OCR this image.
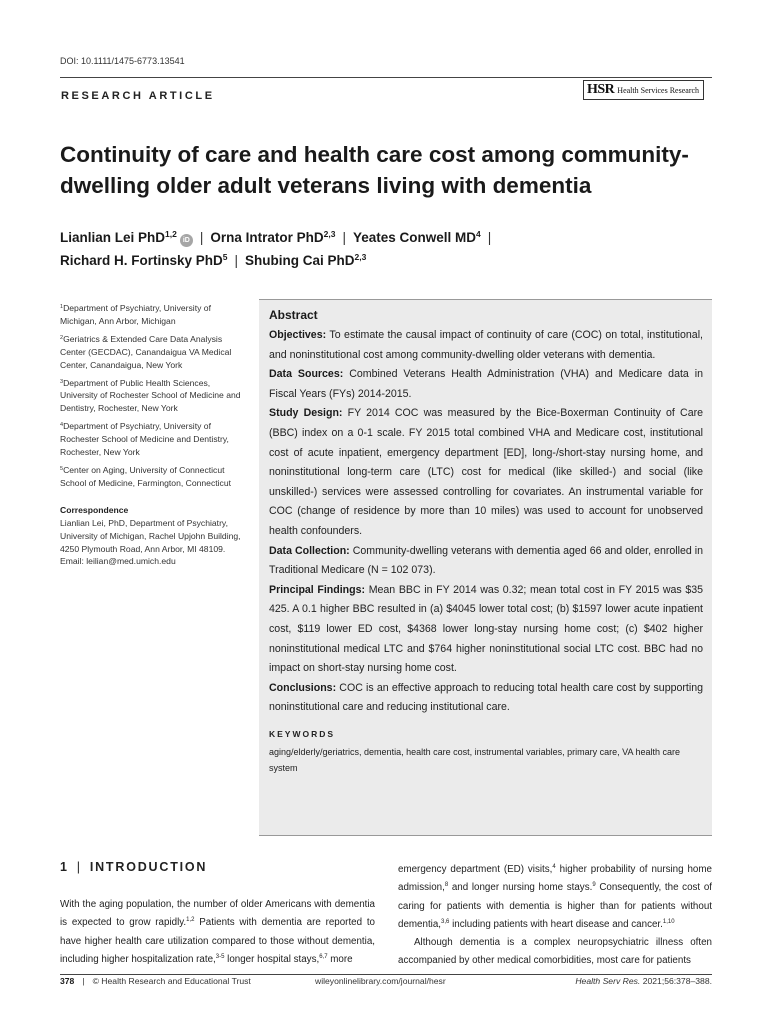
DOI: 10.1111/1475-6773.13541
RESEARCH ARTICLE	HSR Health Services Research
Continuity of care and health care cost among community-dwelling older adult veterans living with dementia
Lianlian Lei PhD$^{1,2}$iD | Orna Intrator PhD$^{2,3}$ | Yeates Conwell $MD^4$ |
Richard H. Fortinsky PhD$^5$ | Shubing Cai PhD$^{2,3}$
$^1$Department of Psychiatry, University of Michigan, Ann Arbor, Michigan
$^2$Geriatrics & Extended Care Data Analysis Center (GECDAC), Canandaigua VA Medical Center, Canandaigua, New York
$^3$Department of Public Health Sciences, University of Rochester School of Medicine and Dentistry, Rochester, New York
$^4$Department of Psychiatry, University of Rochester School of Medicine and Dentistry, Rochester, New York
$^5$Center on Aging, University of Connecticut School of Medicine, Farmington, Connecticut
Correspondence

Lianlian Lei, PhD, Department of Psychiatry, University of Michigan, Rachel Upjohn Building, 4250 Plymouth Road, Ann Arbor, MI 48109.

Email: leilian@med.umich.edu

Abstract
Objectives: To estimate the causal impact of continuity of care (COC) on total, institutional, and noninstitutional cost among community-dwelling older veterans with dementia.
Data Sources: Combined Veterans Health Administration (VHA) and Medicare data in Fiscal Years (FYs) 2014-2015.
Study Design: FY 2014 COC was measured by the Bice-Boxerman Continuity of Care (BBC) index on a 0-1 scale. FY 2015 total combined VHA and Medicare cost, institutional cost of acute inpatient, emergency department [ED], long-/short-stay nursing home, and noninstitutional long-term care (LTC) cost for medical (like skilled-) and social (like unskilled-) services were assessed controlling for covariates. An instrumental variable for COC (change of residence by more than 10 miles) was used to account for unobserved health confounders.
Data Collection: Community-dwelling veterans with dementia aged 66 and older, enrolled in Traditional Medicare (N = 102 073).
Principal Findings: Mean BBC in FY 2014 was 0.32; mean total cost in FY 2015 was $35 425. A 0.1 higher BBC resulted in (a) $4045 lower total cost; (b) $1597 lower acute inpatient cost, $119 lower ED cost, $4368 lower long-stay nursing home cost; (c) $402 higher noninstitutional medical LTC and $764 higher noninstitutional social LTC cost. BBC had no impact on short-stay nursing home cost.
Conclusions: COC is an effective approach to reducing total health care cost by supporting noninstitutional care and reducing institutional care.
KEYWORDS
aging/elderly/geriatrics, dementia, health care cost, instrumental variables, primary care, VA health care system
1 | INTRODUCTION
With the aging population, the number of older Americans with dementia is expected to grow rapidly.$^{1,2}$ Patients with dementia are reported to have higher health care utilization compared to those without dementia, including higher hospitalization rate,$^{3-5}$ longer hospital stays,$^{6,7}$ more
emergency department (ED) visits,$^4$ higher probability of nursing home admission,$^8$ and longer nursing home stays.$^9$ Consequently, the cost of caring for patients with dementia is higher than for patients without dementia,$^{3,6}$ including patients with heart disease and cancer.$^{1,10}$
Although dementia is a complex neuropsychiatric illness often accompanied by other medical comorbidities, most care for patients
378 | © Health Research and Educational Trust	wileyonlinelibrary.com/journal/hesr	Health Serv Res. 2021;56:378–388.
